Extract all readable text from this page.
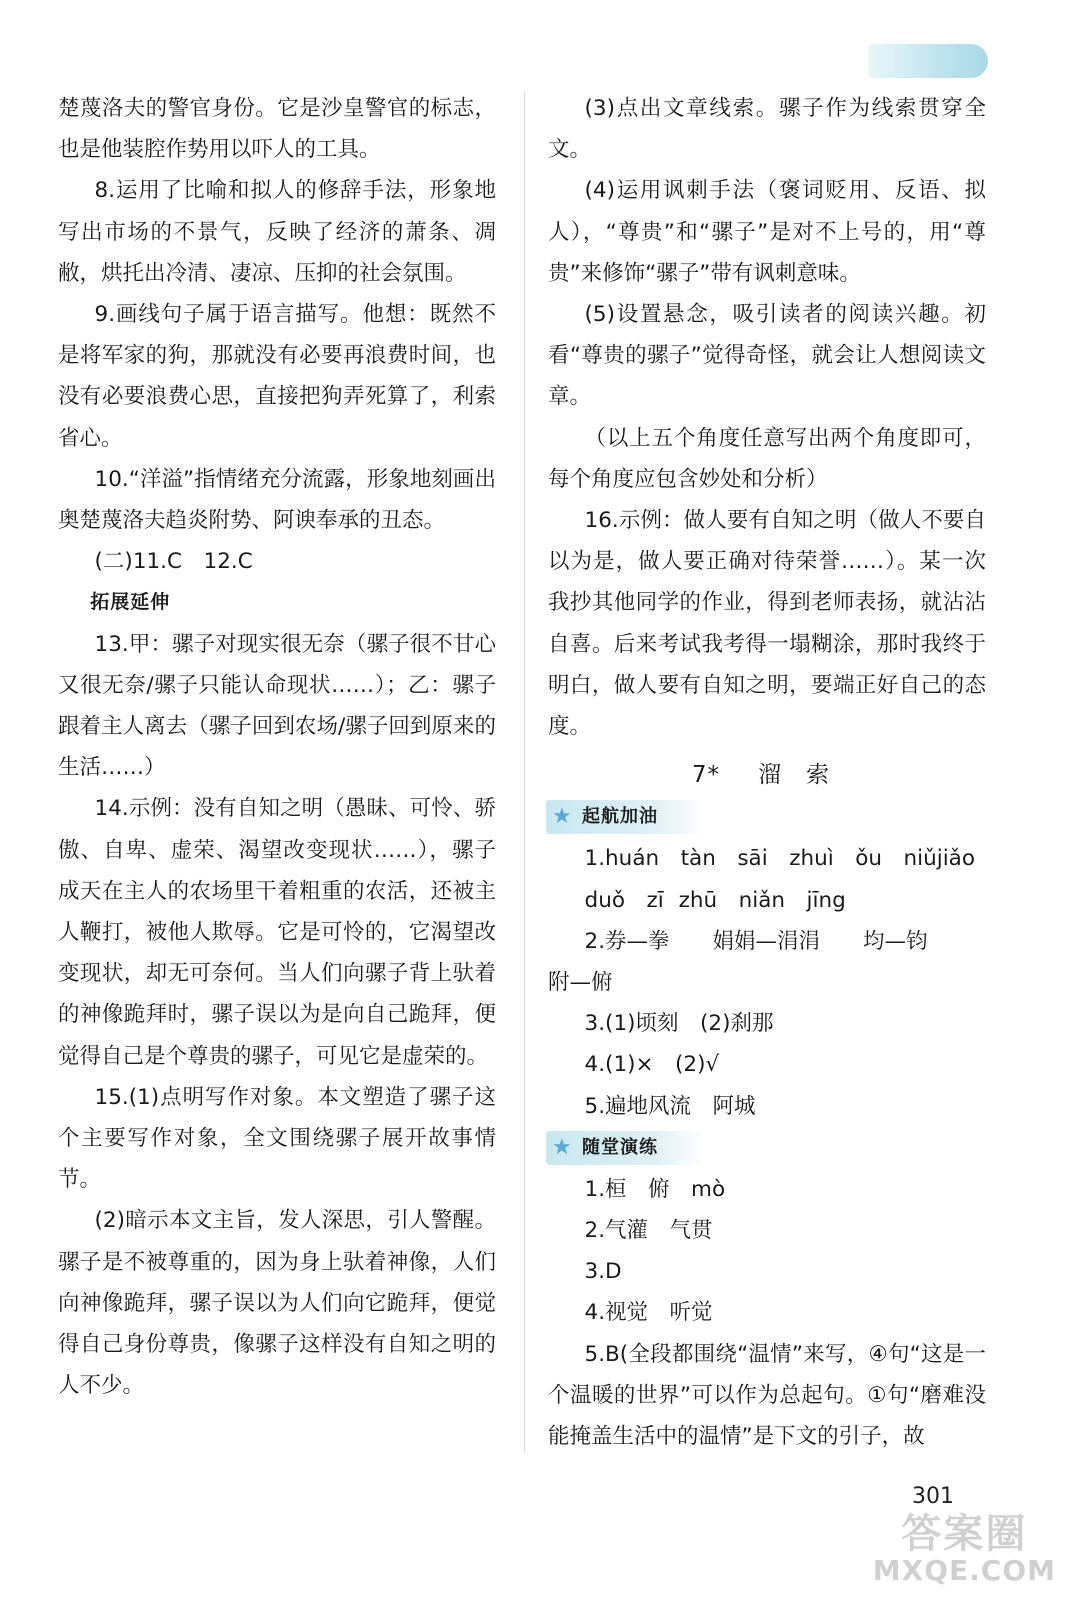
楚蔑洛夫的警官身份。它是沙皇警官的标志，也是他装腔作势用以吓人的工具。

8.运用了比喻和拟人的修辞手法，形象地写出市场的不景气，反映了经济的萧条、凋敝，烘托出冷清、凄凉、压抑的社会氛围。

9.画线句子属于语言描写。他想：既然不是将军家的狗，那就没有必要再浪费时间，也没有必要浪费心思，直接把狗弄死算了，利索省心。

10.“洋溢”指情绪充分流露，形象地刻画出奥楚蔑洛夫趋炎附势、阿谀奉承的丑态。

(二)11.C　12.C

拓展延伸

13.甲：骡子对现实很无奈（骡子很不甘心又很无奈/骡子只能认命现状……）；乙：骡子跟着主人离去（骡子回到农场/骡子回到原来的生活……）

14.示例：没有自知之明（愚昧、可怜、骄傲、自卑、虚荣、渴望改变现状……），骡子成天在主人的农场里干着粗重的农活，还被主人鞭打，被他人欺辱。它是可怜的，它渴望改变现状，却无可奈何。当人们向骡子背上驮着的神像跪拜时，骡子误以为是向自己跪拜，便觉得自己是个尊贵的骡子，可见它是虚荣的。

15.(1)点明写作对象。本文塑造了骡子这个主要写作对象，全文围绕骡子展开故事情节。

(2)暗示本文主旨，发人深思，引人警醒。骡子是不被尊重的，因为身上驮着神像，人们向神像跪拜，骡子误以为人们向它跪拜，便觉得自己身份尊贵，像骡子这样没有自知之明的人不少。

(3)点出文章线索。骡子作为线索贯穿全文。

(4)运用讽刺手法（褒词贬用、反语、拟人），“尊贵”和“骡子”是对不上号的，用“尊贵”来修饰“骡子”带有讽刺意味。

(5)设置悬念，吸引读者的阅读兴趣。初看“尊贵的骡子”觉得奇怪，就会让人想阅读文章。

（以上五个角度任意写出两个角度即可，每个角度应包含妙处和分析）

16.示例：做人要有自知之明（做人不要自以为是，做人要正确对待荣誉……）。某一次我抄其他同学的作业，得到老师表扬，就沾沾自喜。后来考试我考得一塌糊涂，那时我终于明白，做人要有自知之明，要端正好自己的态度。

7* 溜 索
★ 起航加油

1.huán　tàn　sāi　zhuì　ǒu　niǔjiǎo

duǒ　zī zhū　niǎn　jīng

2.券—拳　　娟娟—涓涓　　均—钧

附—俯

3.(1)顷刻　(2)刹那

4.(1)×　(2)√

5.遍地风流　阿城

★ 随堂演练

1.桓　俯　mò

2.气灌　气贯

3.D

4.视觉　听觉

5.B(全段都围绕“温情”来写，④句“这是一个温暖的世界”可以作为总起句。①句“磨难没能掩盖生活中的温情”是下文的引子，故

301
答案圈
MXQE.COM
